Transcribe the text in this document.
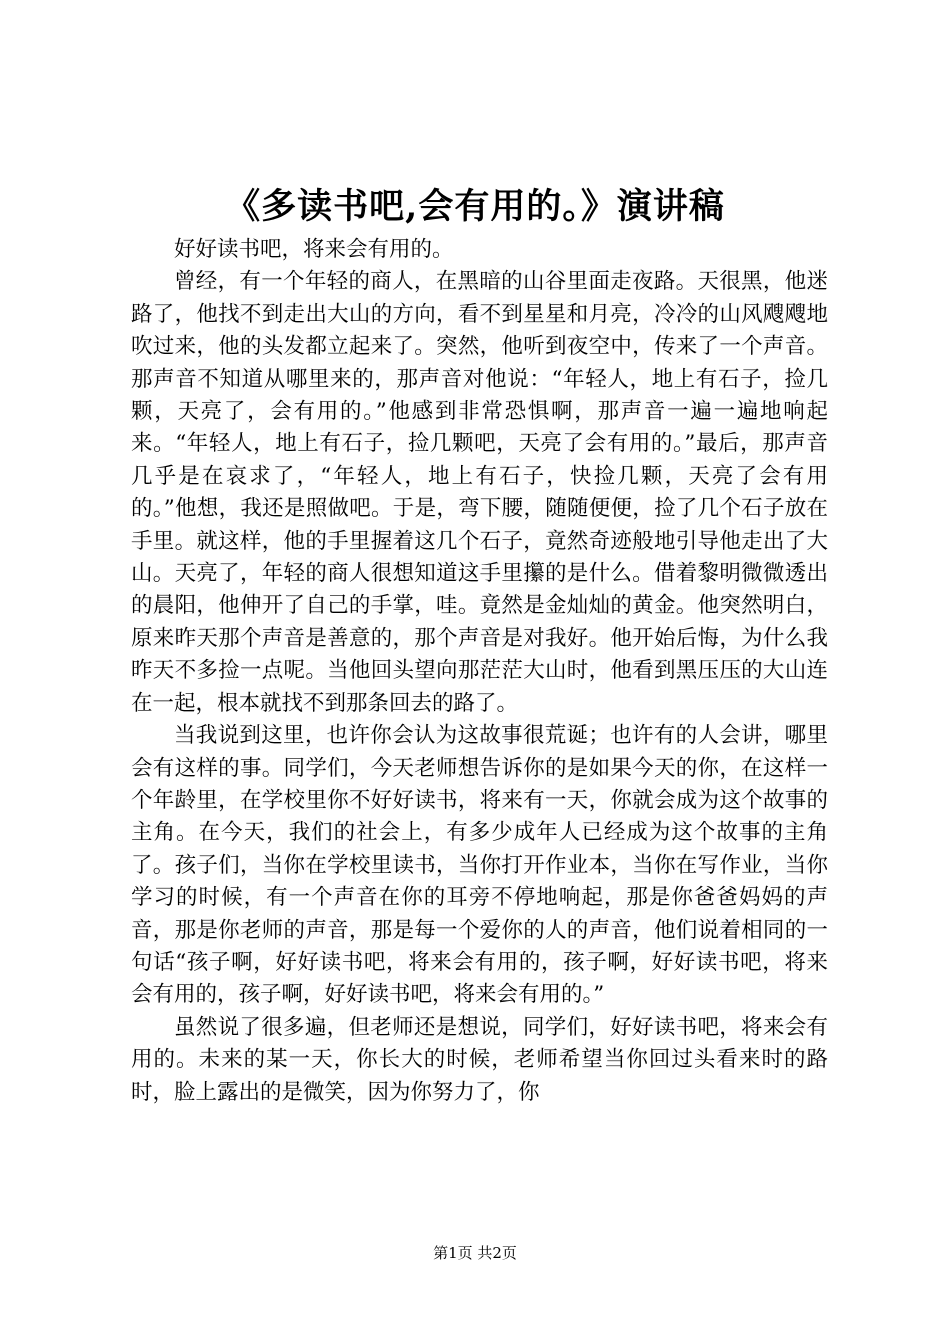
《多读书吧,会有用的。》演讲稿

好好读书吧，将来会有用的。

曾经，有一个年轻的商人，在黑暗的山谷里面走夜路。天很黑，他迷路了，他找不到走出大山的方向，看不到星星和月亮，冷冷的山风飕飕地吹过来，他的头发都立起来了。突然，他听到夜空中，传来了一个声音。那声音不知道从哪里来的，那声音对他说：“年轻人，地上有石子，捡几颗，天亮了，会有用的。”他感到非常恐惧啊，那声音一遍一遍地响起来。“年轻人，地上有石子，捡几颗吧，天亮了会有用的。”最后，那声音几乎是在哀求了，“年轻人，地上有石子，快捡几颗，天亮了会有用的。”他想，我还是照做吧。于是，弯下腰，随随便便，捡了几个石子放在手里。就这样，他的手里握着这几个石子，竟然奇迹般地引导他走出了大山。天亮了，年轻的商人很想知道这手里攥的是什么。借着黎明微微透出的晨阳，他伸开了自己的手掌，哇。竟然是金灿灿的黄金。他突然明白，原来昨天那个声音是善意的，那个声音是对我好。他开始后悔，为什么我昨天不多捡一点呢。当他回头望向那茫茫大山时，他看到黑压压的大山连在一起，根本就找不到那条回去的路了。

当我说到这里，也许你会认为这故事很荒诞；也许有的人会讲，哪里会有这样的事。同学们，今天老师想告诉你的是如果今天的你，在这样一个年龄里，在学校里你不好好读书，将来有一天，你就会成为这个故事的主角。在今天，我们的社会上，有多少成年人已经成为这个故事的主角了。孩子们，当你在学校里读书，当你打开作业本，当你在写作业，当你学习的时候，有一个声音在你的耳旁不停地响起，那是你爸爸妈妈的声音，那是你老师的声音，那是每一个爱你的人的声音，他们说着相同的一句话“孩子啊，好好读书吧，将来会有用的，孩子啊，好好读书吧，将来会有用的，孩子啊，好好读书吧，将来会有用的。”

虽然说了很多遍，但老师还是想说，同学们，好好读书吧，将来会有用的。未来的某一天，你长大的时候，老师希望当你回过头看来时的路时，脸上露出的是微笑，因为你努力了，你

第1页 共2页
